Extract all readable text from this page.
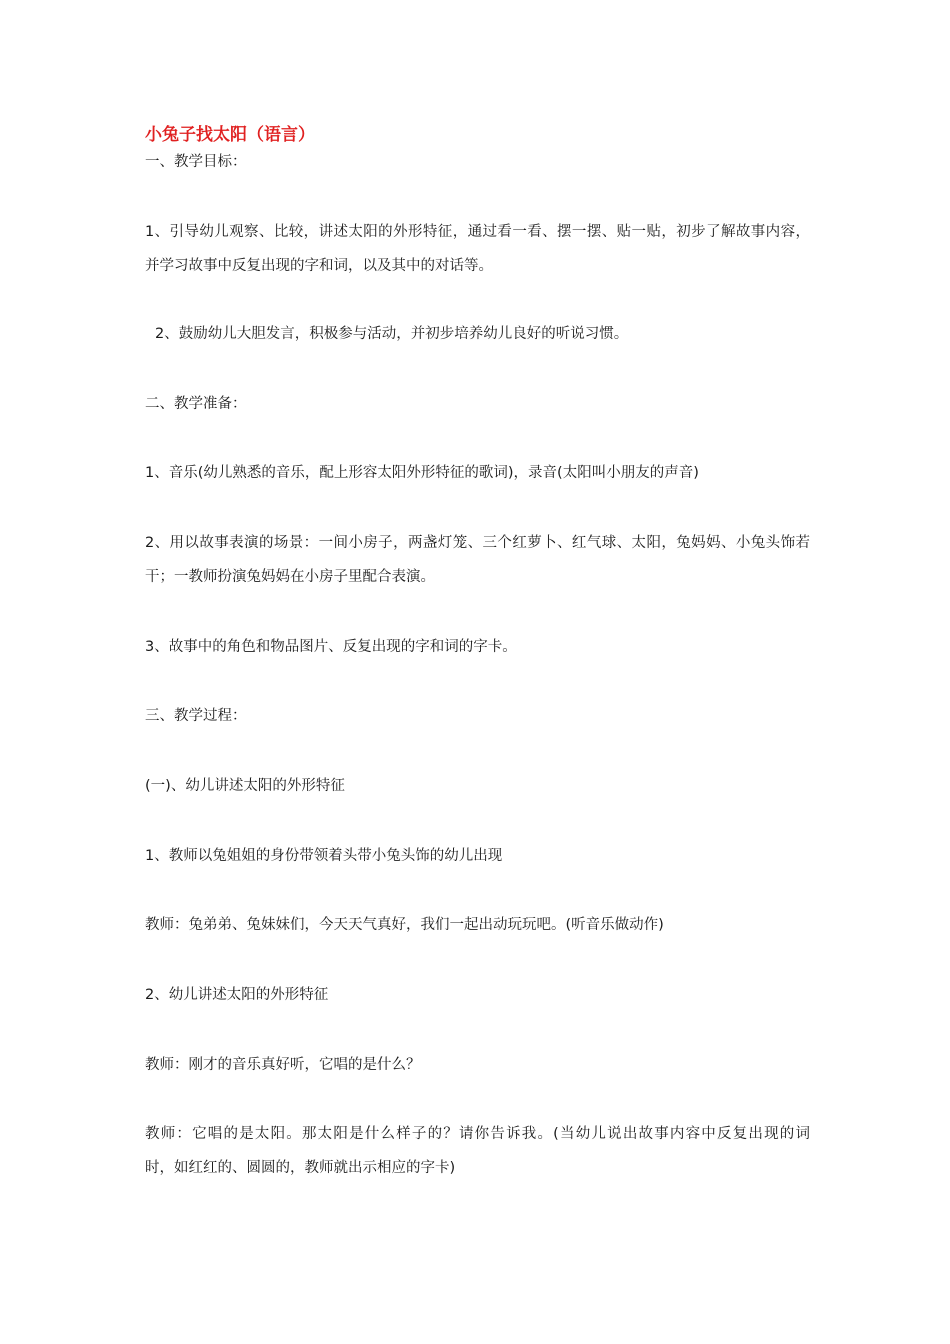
小兔子找太阳（语言）
一、教学目标：
1、引导幼儿观察、比较，讲述太阳的外形特征，通过看一看、摆一摆、贴一贴，初步了解故事内容，
并学习故事中反复出现的字和词，以及其中的对话等。
2、鼓励幼儿大胆发言，积极参与活动，并初步培养幼儿良好的听说习惯。
二、教学准备：
1、音乐(幼儿熟悉的音乐，配上形容太阳外形特征的歌词)，录音(太阳叫小朋友的声音)
2、用以故事表演的场景：一间小房子，两盏灯笼、三个红萝卜、红气球、太阳，兔妈妈、小兔头饰若
干；一教师扮演兔妈妈在小房子里配合表演。
3、故事中的角色和物品图片、反复出现的字和词的字卡。
三、教学过程：
(一)、幼儿讲述太阳的外形特征
1、教师以兔姐姐的身份带领着头带小兔头饰的幼儿出现
教师：兔弟弟、兔妹妹们，今天天气真好，我们一起出动玩玩吧。(听音乐做动作)
2、幼儿讲述太阳的外形特征
教师：刚才的音乐真好听，它唱的是什么？
教师：它唱的是太阳。那太阳是什么样子的？请你告诉我。(当幼儿说出故事内容中反复出现的词
时，如红红的、圆圆的，教师就出示相应的字卡)
